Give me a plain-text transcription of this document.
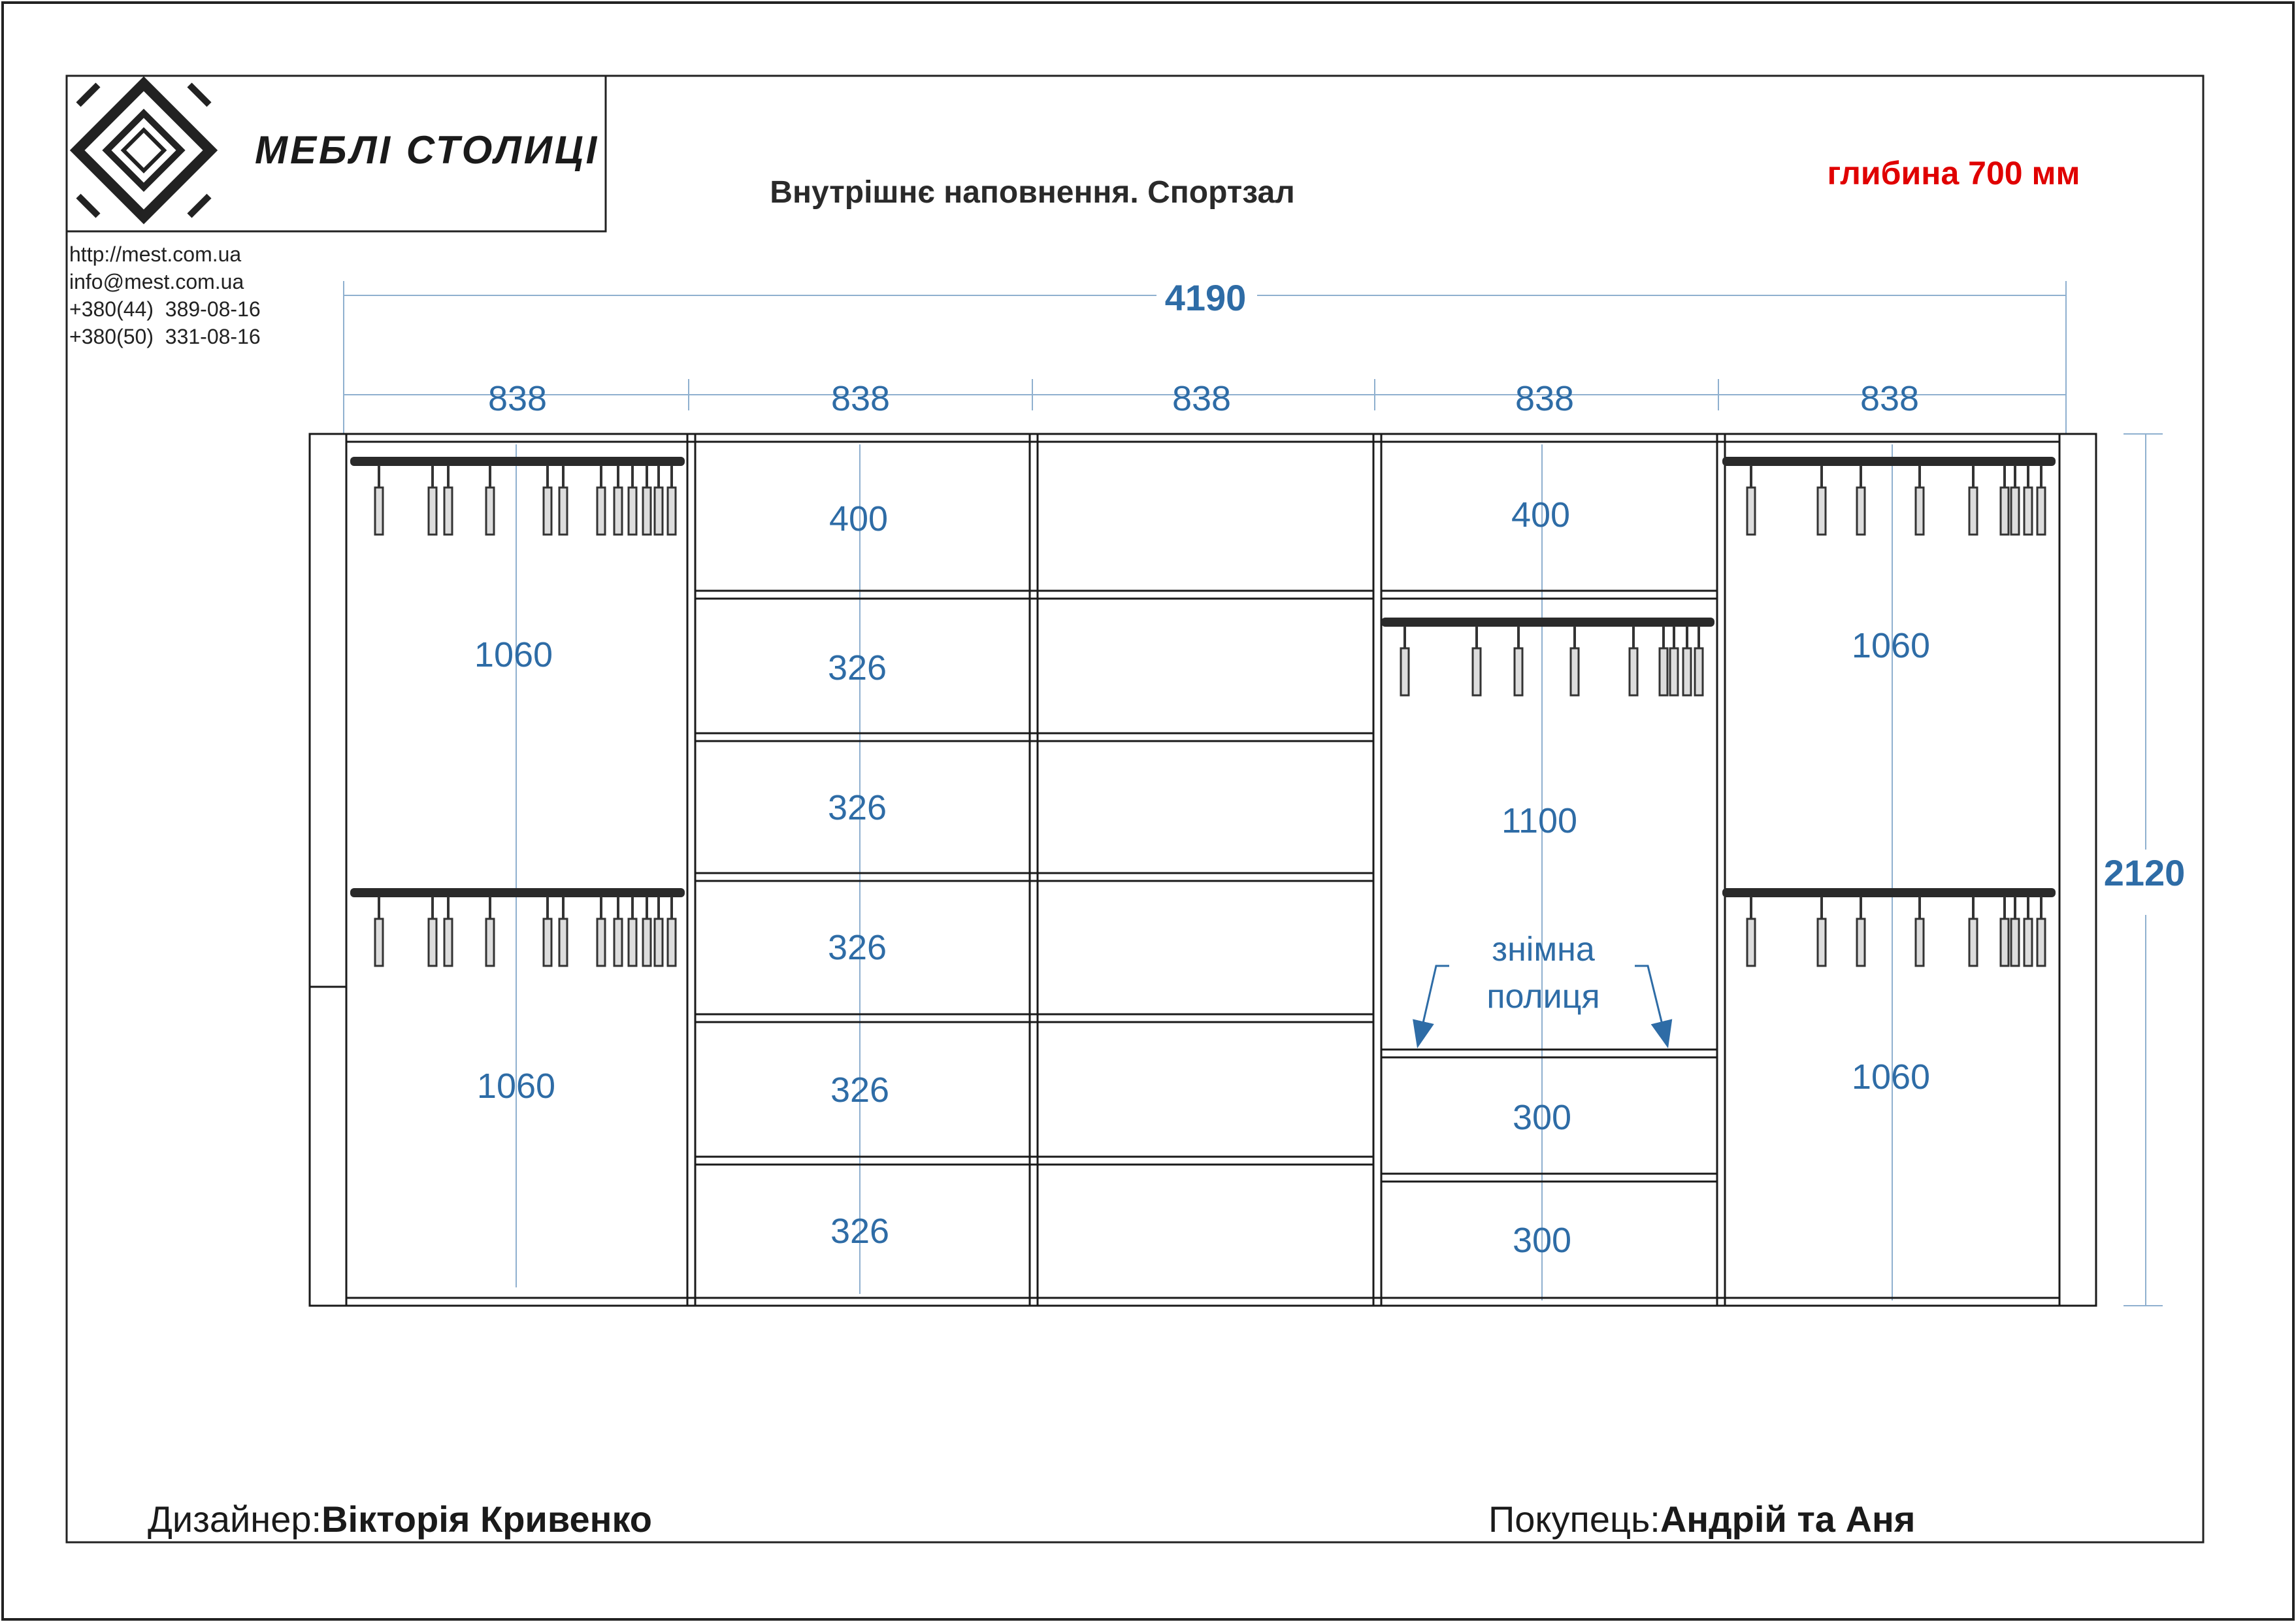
МЕБЛІ СТОЛИЦІ
http://mest.com.ua
info@mest.com.ua
+380(44)  389-08-16
+380(50)  331-08-16
Внутрішнє наповнення. Спортзал
глибина 700 мм
4190
2120
838	838	838	838	838
1060
1060
400
326
326
326
326
326
400
1100
300
300
1060
1060
знімна
полиця
Дизайнер:Вікторія Кривенко	Покупець:Андрій та Аня
